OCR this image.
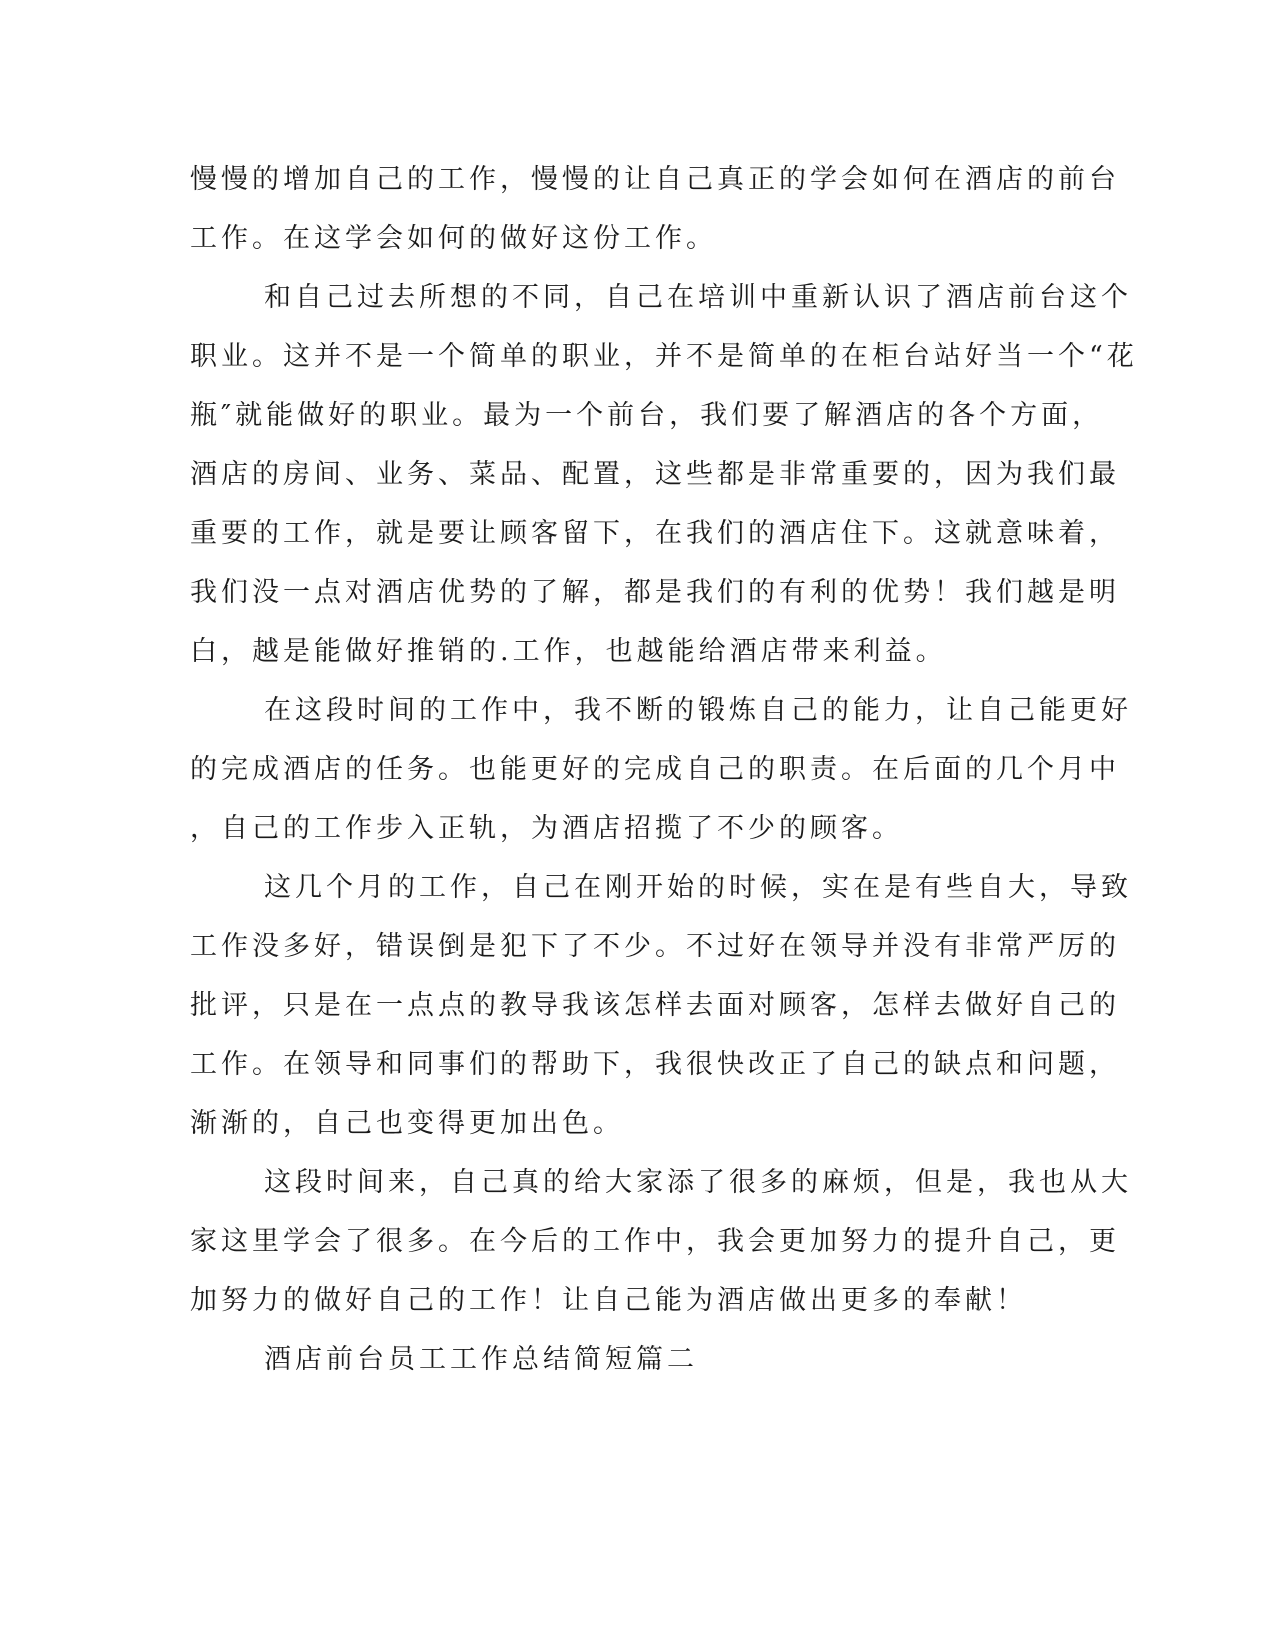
慢慢的增加自己的工作，慢慢的让自己真正的学会如何在酒店的前台

工作。在这学会如何的做好这份工作。

和自己过去所想的不同，自己在培训中重新认识了酒店前台这个

职业。这并不是一个简单的职业，并不是简单的在柜台站好当一个“花

瓶″就能做好的职业。最为一个前台，我们要了解酒店的各个方面，

酒店的房间、业务、菜品、配置，这些都是非常重要的，因为我们最

重要的工作，就是要让顾客留下，在我们的酒店住下。这就意味着，

我们没一点对酒店优势的了解，都是我们的有利的优势！我们越是明

白，越是能做好推销的.工作，也越能给酒店带来利益。

在这段时间的工作中，我不断的锻炼自己的能力，让自己能更好

的完成酒店的任务。也能更好的完成自己的职责。在后面的几个月中

，自己的工作步入正轨，为酒店招揽了不少的顾客。

这几个月的工作，自己在刚开始的时候，实在是有些自大，导致

工作没多好，错误倒是犯下了不少。不过好在领导并没有非常严厉的

批评，只是在一点点的教导我该怎样去面对顾客，怎样去做好自己的

工作。在领导和同事们的帮助下，我很快改正了自己的缺点和问题，

渐渐的，自己也变得更加出色。

这段时间来，自己真的给大家添了很多的麻烦，但是，我也从大

家这里学会了很多。在今后的工作中，我会更加努力的提升自己，更

加努力的做好自己的工作！让自己能为酒店做出更多的奉献！

酒店前台员工工作总结简短篇二
